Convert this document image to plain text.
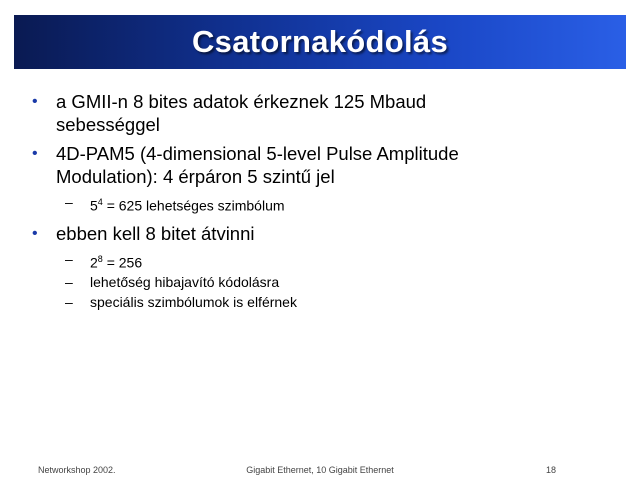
Csatornakódolás
• a GMII-n 8 bites adatok érkeznek 125 Mbaud
sebességgel
• 4D-PAM5 (4-dimensional 5-level Pulse Amplitude
Modulation): 4 érpáron 5 szintű jel
– $5^4 = 625$ lehetséges szimbólum
• ebben kell 8 bitet átvinni
– $2^8 = 256$
– lehetőség hibajavító kódolásra
– speciális szimbólumok is elférnek
Networkshop 2002.	Gigabit Ethernet, 10 Gigabit Ethernet	18
